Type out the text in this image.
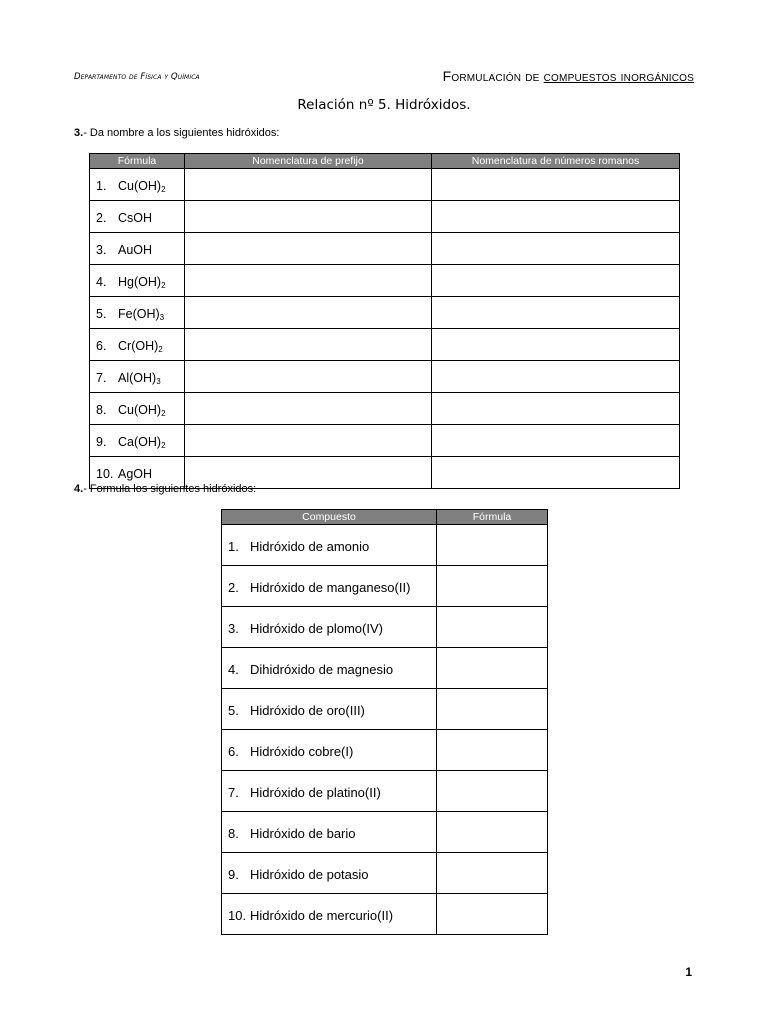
Departamento de Física y Química	Formulación de compuestos inorgánicos
Relación nº 5. Hidróxidos.
3.- Da nombre a los siguientes hidróxidos:
Fórmula	Nomenclatura de prefijo	Nomenclatura de números romanos
1. $Cu(OH)_2$		
2. CsOH		
3. AuOH		
4. $Hg(OH)_2$		
5. $Fe(OH)_3$		
6. $Cr(OH)_2$		
7. $Al(OH)_3$		
8. $Cu(OH)_2$		
9. $Ca(OH)_2$		
10. AgOH		
4.- Formula los siguientes hidróxidos:
Compuesto	Fórmula
1. Hidróxido de amonio	
2. Hidróxido de manganeso(II)	
3. Hidróxido de plomo(IV)	
4. Dihidróxido de magnesio	
5. Hidróxido de oro(III)	
6. Hidróxido cobre(I)	
7. Hidróxido de platino(II)	
8. Hidróxido de bario	
9. Hidróxido de potasio	
10. Hidróxido de mercurio(II)	
1
